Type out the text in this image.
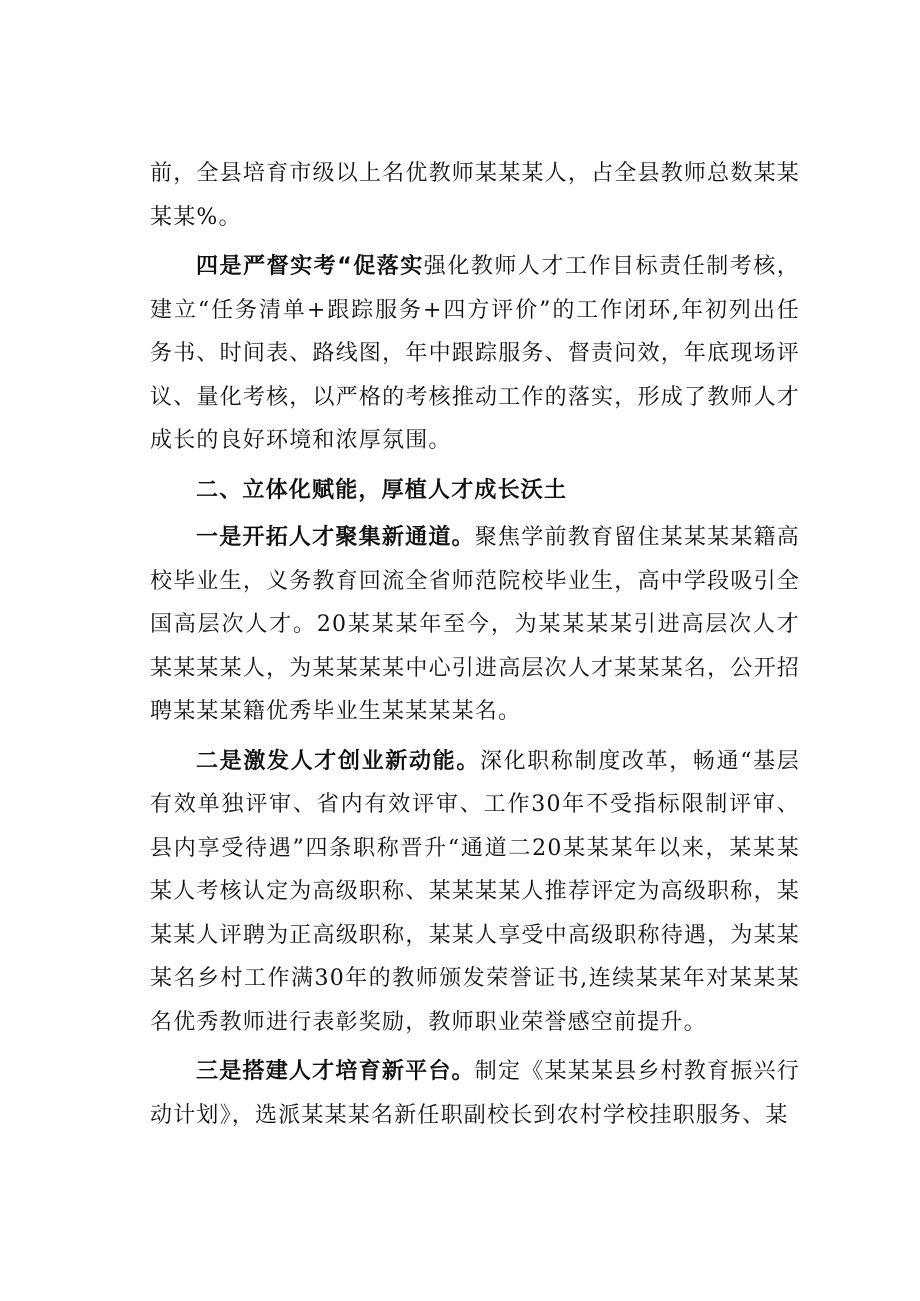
前，全县培育市级以上名优教师某某某人，占全县教师总数某某某某%。

四是严督实考“促落实强化教师人才工作目标责任制考核，建立“任务清单+跟踪服务+四方评价”的工作闭环,年初列出任务书、时间表、路线图，年中跟踪服务、督责问效，年底现场评议、量化考核，以严格的考核推动工作的落实，形成了教师人才成长的良好环境和浓厚氛围。

二、立体化赋能，厚植人才成长沃土

一是开拓人才聚集新通道。聚焦学前教育留住某某某某籍高校毕业生，义务教育回流全省师范院校毕业生，高中学段吸引全国高层次人才。20某某某年至今，为某某某某引进高层次人才某某某某人，为某某某某中心引进高层次人才某某某名，公开招聘某某某籍优秀毕业生某某某某名。

二是激发人才创业新动能。深化职称制度改革，畅通“基层有效单独评审、省内有效评审、工作30年不受指标限制评审、县内享受待遇”四条职称晋升“通道二20某某某年以来，某某某某人考核认定为高级职称、某某某某人推荐评定为高级职称，某某某人评聘为正高级职称，某某人享受中高级职称待遇，为某某某名乡村工作满30年的教师颁发荣誉证书,连续某某年对某某某名优秀教师进行表彰奖励，教师职业荣誉感空前提升。

三是搭建人才培育新平台。制定《某某某县乡村教育振兴行动计划》，选派某某某名新任职副校长到农村学校挂职服务、某
